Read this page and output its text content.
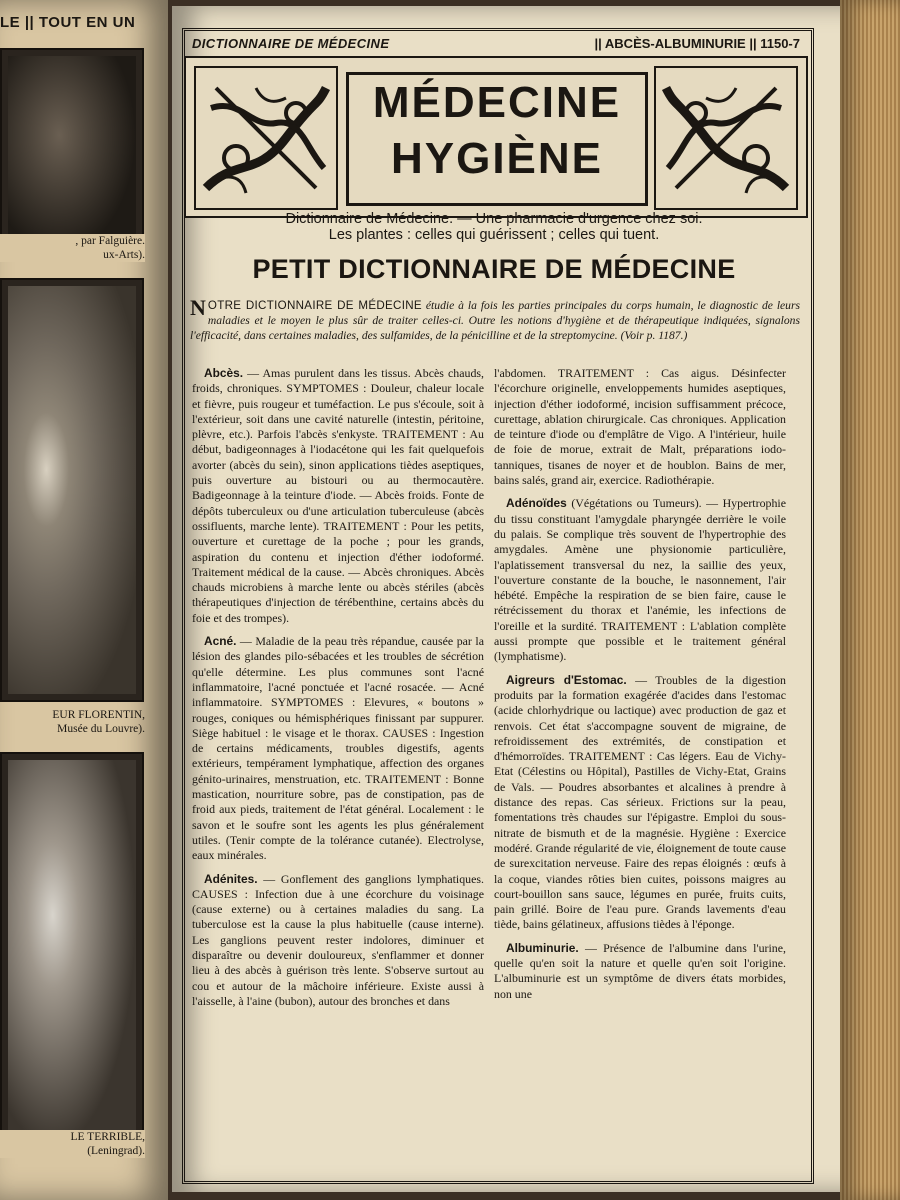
LE || TOUT EN UN
, par Falguière.
ux-Arts).
EUR FLORENTIN,
Musée du Louvre).
LE TERRIBLE,
(Leningrad).
DICTIONNAIRE DE MÉDECINE	|| ABCÈS-ALBUMINURIE || 1150-7
MÉDECINE
HYGIÈNE
Dictionnaire de Médecine. — Une pharmacie d'urgence chez soi.
Les plantes : celles qui guérissent ; celles qui tuent.
PETIT DICTIONNAIRE DE MÉDECINE
NOTRE DICTIONNAIRE DE MÉDECINE étudie à la fois les parties principales du corps humain, le diagnostic de leurs maladies et le moyen le plus sûr de traiter celles-ci. Outre les notions d'hygiène et de thérapeutique indiquées, signalons l'efficacité, dans certaines maladies, des sulfamides, de la pénicilline et de la streptomycine. (Voir p. 1187.)

Abcès. — Amas purulent dans les tissus. Abcès chauds, froids, chroniques. SYMPTOMES : Douleur, chaleur locale et fièvre, puis rougeur et tuméfaction. Le pus s'écoule, soit à l'extérieur, soit dans une cavité naturelle (intestin, péritoine, plèvre, etc.). Parfois l'abcès s'enkyste. TRAITEMENT : Au début, badigeonnages à l'iodacétone qui les fait quelquefois avorter (abcès du sein), sinon applications tièdes aseptiques, puis ouverture au bistouri ou au thermocautère. Badigeonnage à la teinture d'iode. — Abcès froids. Fonte de dépôts tuberculeux ou d'une articulation tuberculeuse (abcès ossifluents, marche lente). TRAITEMENT : Pour les petits, ouverture et curettage de la poche ; pour les grands, aspiration du contenu et injection d'éther iodoformé. Traitement médical de la cause. — Abcès chroniques. Abcès chauds microbiens à marche lente ou abcès stériles (abcès thérapeutiques d'injection de térébenthine, certains abcès du foie et des trompes).

Acné. — Maladie de la peau très répandue, causée par la lésion des glandes pilo-sébacées et les troubles de sécrétion qu'elle détermine. Les plus communes sont l'acné inflammatoire, l'acné ponctuée et l'acné rosacée. — Acné inflammatoire. SYMPTOMES : Elevures, « boutons » rouges, coniques ou hémisphériques finissant par suppurer. Siège habituel : le visage et le thorax. CAUSES : Ingestion de certains médicaments, troubles digestifs, agents extérieurs, tempérament lymphatique, affection des organes génito-urinaires, menstruation, etc. TRAITEMENT : Bonne mastication, nourriture sobre, pas de constipation, pas de froid aux pieds, traitement de l'état général. Localement : le savon et le soufre sont les agents les plus généralement utiles. (Tenir compte de la tolérance cutanée). Electrolyse, eaux minérales.

Adénites. — Gonflement des ganglions lymphatiques. CAUSES : Infection due à une écorchure du voisinage (cause externe) ou à certaines maladies du sang. La tuberculose est la cause la plus habituelle (cause interne). Les ganglions peuvent rester indolores, diminuer et disparaître ou devenir douloureux, s'enflammer et donner lieu à des abcès à guérison très lente. S'observe surtout au cou et autour de la mâchoire inférieure. Existe aussi à l'aisselle, à l'aine (bubon), autour des bronches et dans

l'abdomen. TRAITEMENT : Cas aigus. Désinfecter l'écorchure originelle, enveloppements humides aseptiques, injection d'éther iodoformé, incision suffisamment précoce, curettage, ablation chirurgicale. Cas chroniques. Application de teinture d'iode ou d'emplâtre de Vigo. A l'intérieur, huile de foie de morue, extrait de Malt, préparations iodo-tanniques, tisanes de noyer et de houblon. Bains de mer, bains salés, grand air, exercice. Radiothérapie.

Adénoïdes (Végétations ou Tumeurs). — Hypertrophie du tissu constituant l'amygdale pharyngée derrière le voile du palais. Se complique très souvent de l'hypertrophie des amygdales. Amène une physionomie particulière, l'aplatissement transversal du nez, la saillie des yeux, l'ouverture constante de la bouche, le nasonnement, l'air hébété. Empêche la respiration de se bien faire, cause le rétrécissement du thorax et l'anémie, les infections de l'oreille et la surdité. TRAITEMENT : L'ablation complète aussi prompte que possible et le traitement général (lymphatisme).

Aigreurs d'Estomac. — Troubles de la digestion produits par la formation exagérée d'acides dans l'estomac (acide chlorhydrique ou lactique) avec production de gaz et renvois. Cet état s'accompagne souvent de migraine, de refroidissement des extrémités, de constipation et d'hémorroïdes. TRAITEMENT : Cas légers. Eau de Vichy-Etat (Célestins ou Hôpital), Pastilles de Vichy-Etat, Grains de Vals. — Poudres absorbantes et alcalines à prendre à distance des repas. Cas sérieux. Frictions sur la peau, fomentations très chaudes sur l'épigastre. Emploi du sous-nitrate de bismuth et de la magnésie. Hygiène : Exercice modéré. Grande régularité de vie, éloignement de toute cause de surexcitation nerveuse. Faire des repas éloignés : œufs à la coque, viandes rôties bien cuites, poissons maigres au court-bouillon sans sauce, légumes en purée, fruits cuits, pain grillé. Boire de l'eau pure. Grands lavements d'eau tiède, bains gélatineux, affusions tièdes à l'éponge.

Albuminurie. — Présence de l'albumine dans l'urine, quelle qu'en soit la nature et quelle qu'en soit l'origine. L'albuminurie est un symptôme de divers états morbides, non une
